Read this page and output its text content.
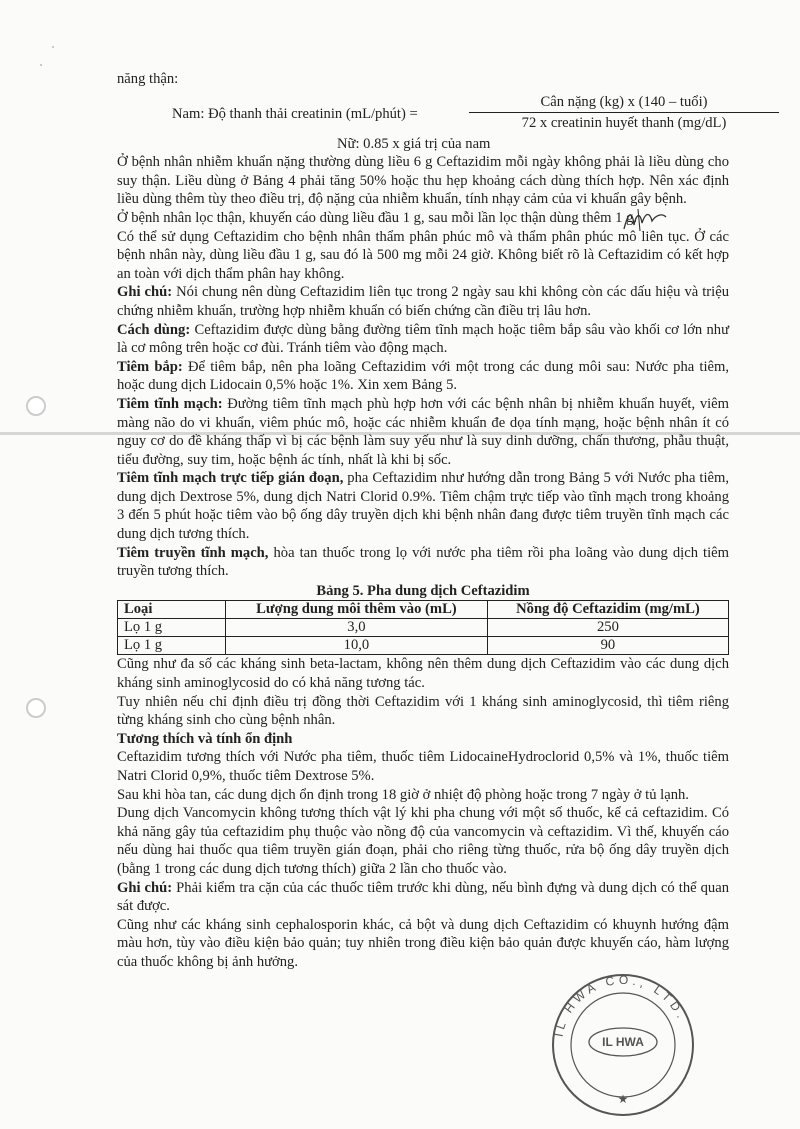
năng thận:

Nam: Độ thanh thải creatinin (mL/phút) =
Cân nặng (kg) x (140 – tuổi)
72 x creatinin huyết thanh (mg/dL)

Nữ: 0.85 x giá trị của nam

Ở bệnh nhân nhiễm khuẩn nặng thường dùng liều 6 g Ceftazidim mỗi ngày không phải là liều dùng cho suy thận. Liều dùng ở Bảng 4 phải tăng 50% hoặc thu hẹp khoảng cách dùng thích hợp. Nên xác định liều dùng thêm tùy theo điều trị, độ nặng của nhiễm khuẩn, tính nhạy cảm của vi khuẩn gây bệnh.

Ở bệnh nhân lọc thận, khuyến cáo dùng liều đầu 1 g, sau mỗi lần lọc thận dùng thêm 1 g.

Có thể sử dụng Ceftazidim cho bệnh nhân thẩm phân phúc mô và thẩm phân phúc mô liên tục. Ở các bệnh nhân này, dùng liều đầu 1 g, sau đó là 500 mg mỗi 24 giờ. Không biết rõ là Ceftazidim có kết hợp an toàn với dịch thẩm phân hay không.

Ghi chú: Nói chung nên dùng Ceftazidim liên tục trong 2 ngày sau khi không còn các dấu hiệu và triệu chứng nhiễm khuẩn, trường hợp nhiễm khuẩn có biến chứng cần điều trị lâu hơn.

Cách dùng: Ceftazidim được dùng bằng đường tiêm tĩnh mạch hoặc tiêm bắp sâu vào khối cơ lớn như là cơ mông trên hoặc cơ đùi. Tránh tiêm vào động mạch.

Tiêm bắp: Để tiêm bắp, nên pha loãng Ceftazidim với một trong các dung môi sau: Nước pha tiêm, hoặc dung dịch Lidocain 0,5% hoặc 1%. Xin xem Bảng 5.

Tiêm tĩnh mạch: Đường tiêm tĩnh mạch phù hợp hơn với các bệnh nhân bị nhiễm khuẩn huyết, viêm màng não do vi khuẩn, viêm phúc mô, hoặc các nhiễm khuẩn đe dọa tính mạng, hoặc bệnh nhân ít có nguy cơ do đề kháng thấp vì bị các bệnh làm suy yếu như là suy dinh dưỡng, chấn thương, phẫu thuật, tiểu đường, suy tim, hoặc bệnh ác tính, nhất là khi bị sốc.

Tiêm tĩnh mạch trực tiếp gián đoạn, pha Ceftazidim như hướng dẫn trong Bảng 5 với Nước pha tiêm, dung dịch Dextrose 5%, dung dịch Natri Clorid 0.9%. Tiêm chậm trực tiếp vào tĩnh mạch trong khoảng 3 đến 5 phút hoặc tiêm vào bộ ống dây truyền dịch khi bệnh nhân đang được tiêm truyền tĩnh mạch các dung dịch tương thích.

Tiêm truyền tĩnh mạch, hòa tan thuốc trong lọ với nước pha tiêm rồi pha loãng vào dung dịch tiêm truyền tương thích.

Bảng 5. Pha dung dịch Ceftazidim
Loại	Lượng dung môi thêm vào (mL)	Nồng độ Ceftazidim (mg/mL)
Lọ 1 g	3,0	250
Lọ 1 g	10,0	90

Cũng như đa số các kháng sinh beta-lactam, không nên thêm dung dịch Ceftazidim vào các dung dịch kháng sinh aminoglycosid do có khả năng tương tác.

Tuy nhiên nếu chỉ định điều trị đồng thời Ceftazidim với 1 kháng sinh aminoglycosid, thì tiêm riêng từng kháng sinh cho cùng bệnh nhân.

Tương thích và tính ổn định

Ceftazidim tương thích với Nước pha tiêm, thuốc tiêm LidocaineHydroclorid 0,5% và 1%, thuốc tiêm Natri Clorid 0,9%, thuốc tiêm Dextrose 5%.

Sau khi hòa tan, các dung dịch ổn định trong 18 giờ ở nhiệt độ phòng hoặc trong 7 ngày ở tủ lạnh.

Dung dịch Vancomycin không tương thích vật lý khi pha chung với một số thuốc, kể cả ceftazidim. Có khả năng gây tủa ceftazidim phụ thuộc vào nồng độ của vancomycin và ceftazidim. Vì thế, khuyến cáo nếu dùng hai thuốc qua tiêm truyền gián đoạn, phải cho riêng từng thuốc, rửa bộ ống dây truyền dịch (bằng 1 trong các dung dịch tương thích) giữa 2 lần cho thuốc vào.

Ghi chú: Phải kiểm tra cặn của các thuốc tiêm trước khi dùng, nếu bình đựng và dung dịch có thể quan sát được.

Cũng như các kháng sinh cephalosporin khác, cả bột và dung dịch Ceftazidim có khuynh hướng đậm màu hơn, tùy vào điều kiện bảo quản; tuy nhiên trong điều kiện bảo quản được khuyến cáo, hàm lượng của thuốc không bị ảnh hưởng.

IL HWA CO., LTD.
IL HWA
★
